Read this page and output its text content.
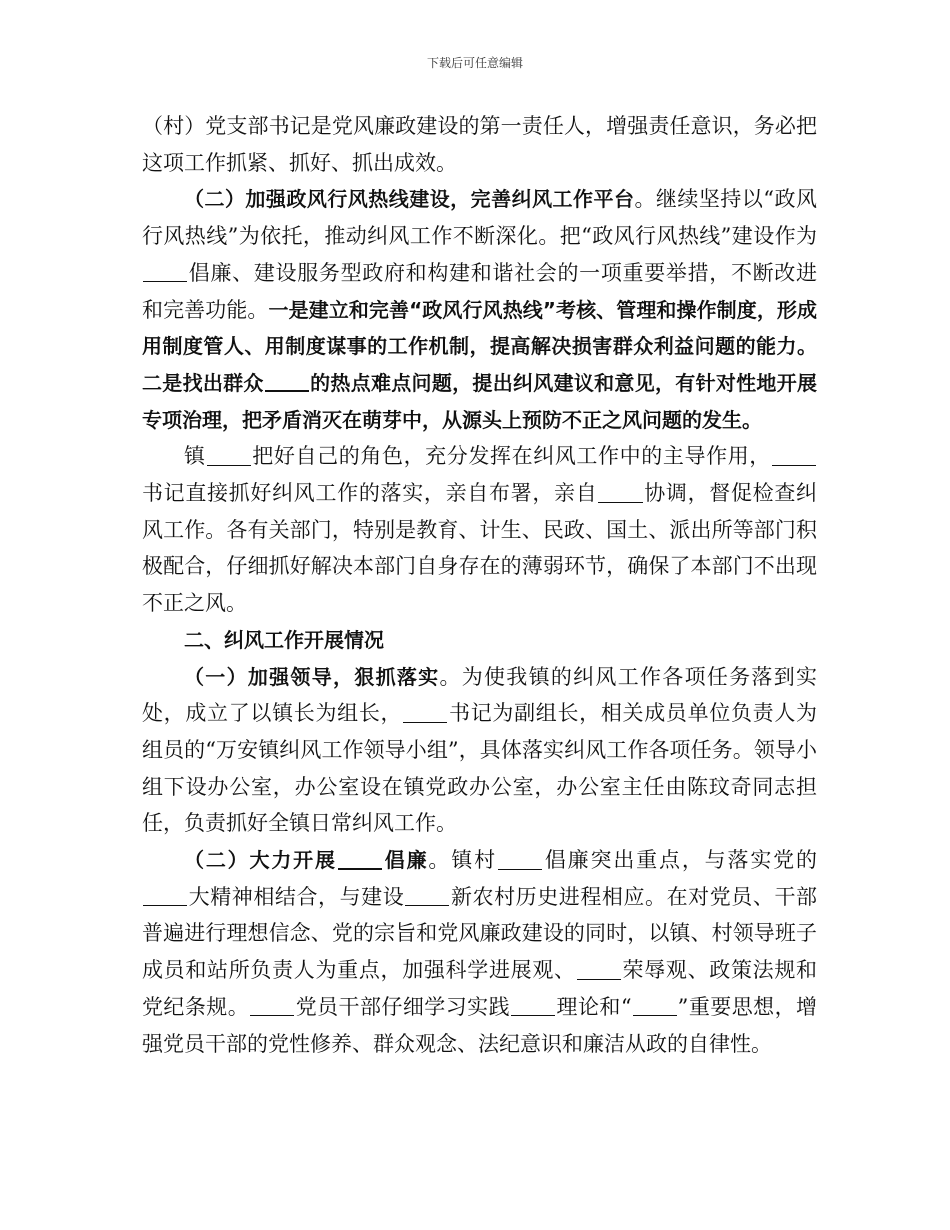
下载后可任意编辑

（村）党支部书记是党风廉政建设的第一责任人，增强责任意识，务必把这项工作抓紧、抓好、抓出成效。

（二）加强政风行风热线建设，完善纠风工作平台。继续坚持以“政风行风热线”为依托，推动纠风工作不断深化。把“政风行风热线”建设作为倡廉、建设服务型政府和构建和谐社会的一项重要举措，不断改进和完善功能。一是建立和完善“政风行风热线”考核、管理和操作制度，形成用制度管人、用制度谋事的工作机制，提高解决损害群众利益问题的能力。二是找出群众 的热点难点问题，提出纠风建议和意见，有针对性地开展专项治理，把矛盾消灭在萌芽中，从源头上预防不正之风问题的发生。

镇 把好自己的角色，充分发挥在纠风工作中的主导作用，书记直接抓好纠风工作的落实，亲自布署，亲自 协调，督促检查纠风工作。各有关部门，特别是教育、计生、民政、国土、派出所等部门积极配合，仔细抓好解决本部门自身存在的薄弱环节，确保了本部门不出现不正之风。

二、纠风工作开展情况

（一）加强领导，狠抓落实。为使我镇的纠风工作各项任务落到实处，成立了以镇长为组长， 书记为副组长，相关成员单位负责人为组员的“万安镇纠风工作领导小组”，具体落实纠风工作各项任务。领导小组下设办公室，办公室设在镇党政办公室，办公室主任由陈玟奇同志担任，负责抓好全镇日常纠风工作。

（二）大力开展 倡廉。镇村 倡廉突出重点，与落实党的大精神相结合，与建设 新农村历史进程相应。在对党员、干部普遍进行理想信念、党的宗旨和党风廉政建设的同时，以镇、村领导班子成员和站所负责人为重点，加强科学进展观、 荣辱观、政策法规和党纪条规。 党员干部仔细学习实践 理论和“ ”重要思想，增强党员干部的党性修养、群众观念、法纪意识和廉洁从政的自律性。
